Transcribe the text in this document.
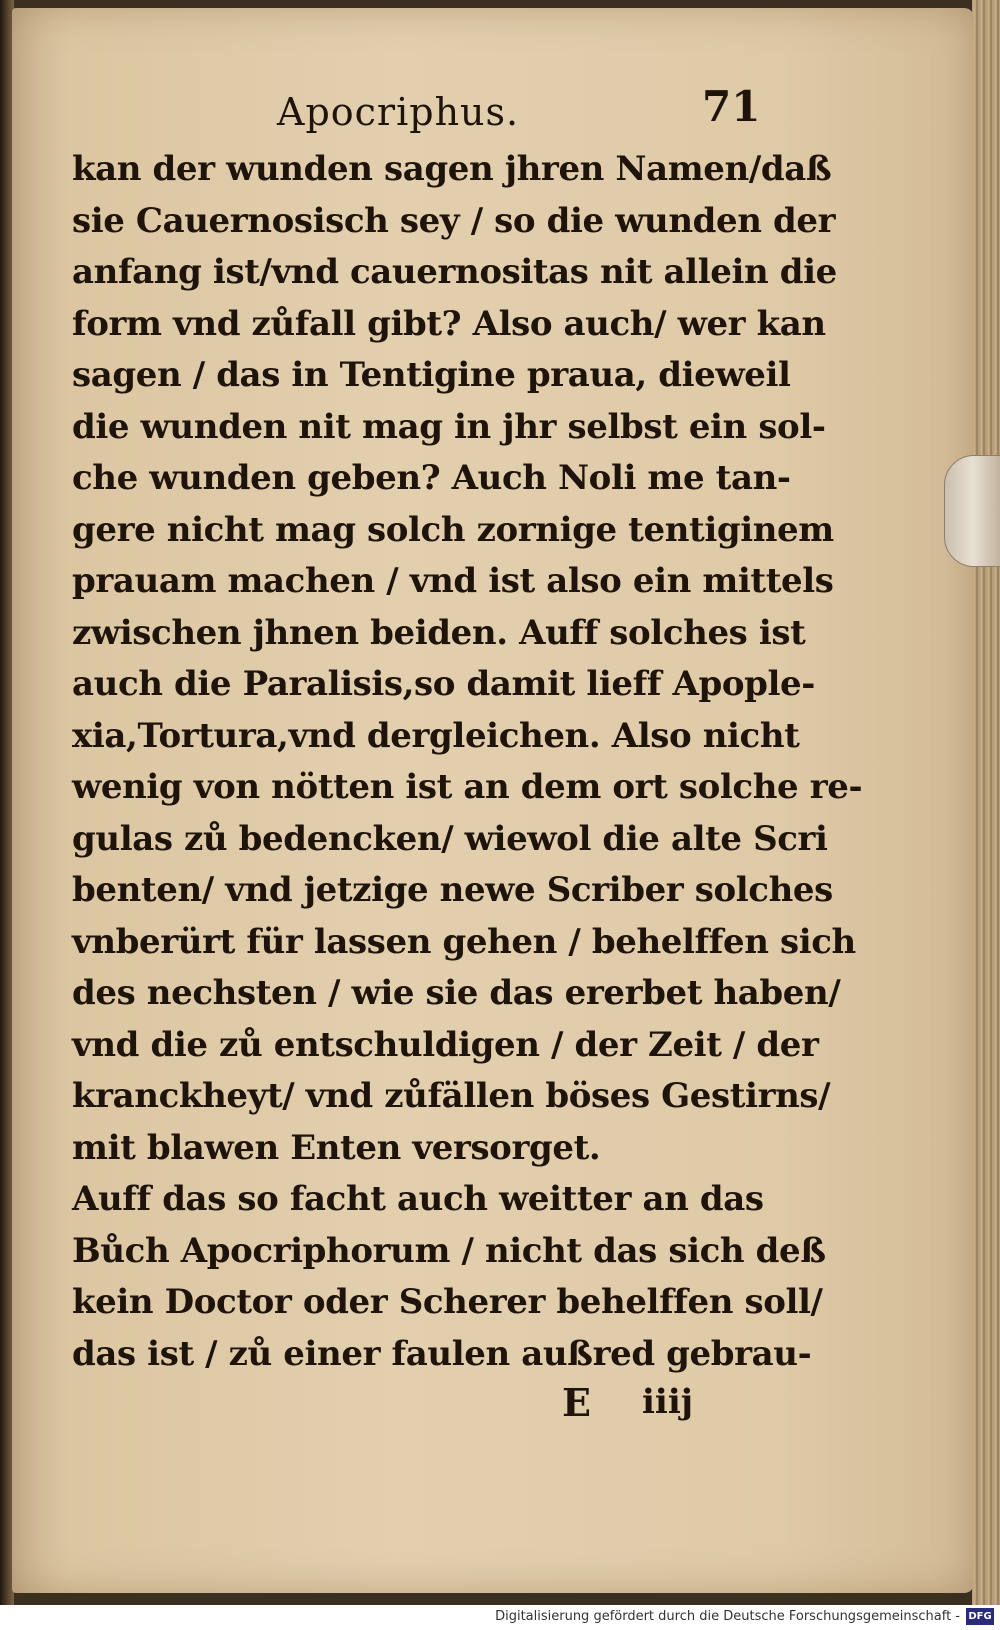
Apocriphus.	71
kan der wunden sagen jhren Namen/daß
sie Cauernosisch sey / so die wunden der
anfang ist/vnd cauernositas nit allein die
form vnd zůfall gibt? Also auch/ wer kan
sagen / das in Tentigine praua, dieweil
die wunden nit mag in jhr selbst ein sol-
che wunden geben? Auch Noli me tan-
gere nicht mag solch zornige tentiginem
prauam machen / vnd ist also ein mittels
zwischen jhnen beiden. Auff solches ist
auch die Paralisis,so damit lieff Apople-
xia,Tortura,vnd dergleichen. Also nicht
wenig von nötten ist an dem ort solche re-
gulas zů bedencken/ wiewol die alte Scri
benten/ vnd jetzige newe Scriber solches
vnberürt für lassen gehen / behelffen sich
des nechsten / wie sie das ererbet haben/
vnd die zů entschuldigen / der Zeit / der
kranckheyt/ vnd zůfällen böses Gestirns/
mit blawen Enten versorget.
Auff das so facht auch weitter an das
Bůch Apocriphorum / nicht das sich deß
kein Doctor oder Scherer behelffen soll/
das ist / zů einer faulen außred gebrau-
E iiij
Digitalisierung gefördert durch die Deutsche Forschungsgemeinschaft - DFG
